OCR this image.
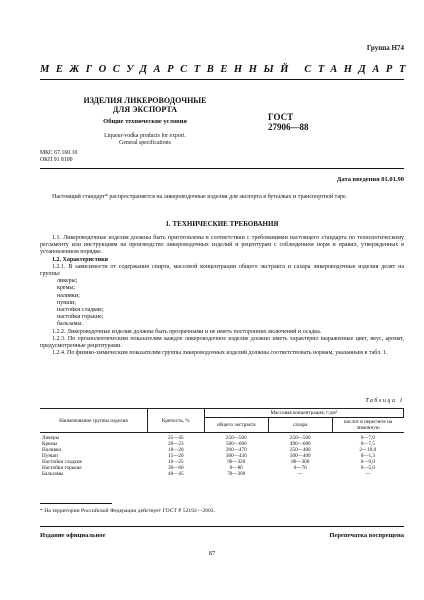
Группа Н74
МЕЖГОСУДАРСТВЕННЫЙ СТАНДАРТ
ИЗДЕЛИЯ ЛИКЕРОВОДОЧНЫЕ
ДЛЯ ЭКСПОРТА
ГОСТ
27906—88
Общие технические условия
Liqueur-vodka products for export.
General specifications
МКС 67.160.10
ОКП 91 8100
Дата введения 01.01.90

Настоящий стандарт* распространяется на ликероводочные изделия для экспорта в бутылках и транспортной таре.

1. ТЕХНИЧЕСКИЕ ТРЕБОВАНИЯ

1.1. Ликероводочные изделия должны быть приготовлены в соответствии с требованиями настоящего стандарта по технологическому регламенту или инструкциям на производство ликероводочных изделий и рецептурам с соблюдением норм и правил, утвержденных в установленном порядке.

1.2. Характеристики

1.2.1. В зависимости от содержания спирта, массовой концентрации общего экстракта и сахара ликероводочные изделия делят на группы:

ликеры;
кремы;
наливки;
пунши;
настойки сладкие;
настойки горькие;
бальзамы.

1.2.2. Ликероводочные изделия должны быть прозрачными и не иметь посторонних включений и осадка.

1.2.3. По органолептическим показателям каждое ликероводочное изделие должно иметь характерно выраженные цвет, вкус, аромат, предусмотренные рецептурами.

1.2.4. По физико-химическим показателям группы ликероводочных изделий должны соответствовать нормам, указанным в табл. 1.

Таблица 1
Наименование группы изделия	Крепость, %	Массовая концентрация, г/дм³		
		общего экстракта	сахара	кислот в пересчете на лимонную
Ликеры	25—45	250—500	250—500	0—7,0
Кремы	20—23	500—600	490—600	0—7,5
Наливки	18—20	260—470	250—400	2—10,0
Пунши	15—20	300—430	300—400	0—1,3
Настойки сладкие	16—25	90—320	80—300	0—9,0
Настойки горькие	30—60	0—80	0—70	0—5,0
Бальзамы	40—45	70—300	—	—
* На территории Российской Федерации действует ГОСТ Р 52192—2003.
Издание официальное	Перепечатка воспрещена
87
